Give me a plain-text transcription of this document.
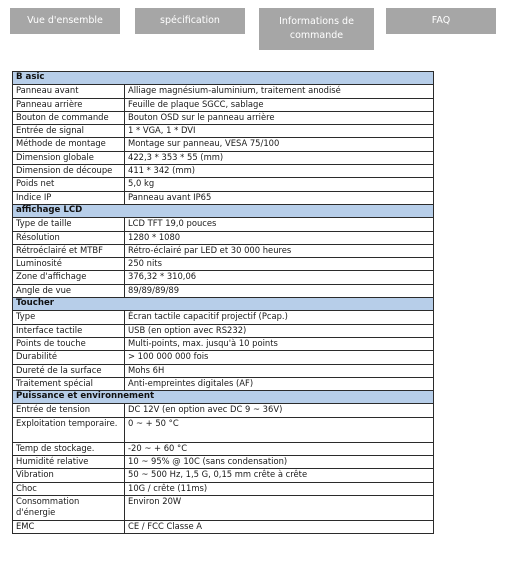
Vue d'ensemble	spécification	Informations de commande
FAQ
B asic	
Panneau avant	Alliage magnésium-aluminium, traitement anodisé
Panneau arrière	Feuille de plaque SGCC, sablage
Bouton de commande	Bouton OSD sur le panneau arrière
Entrée de signal	1 * VGA, 1 * DVI
Méthode de montage	Montage sur panneau, VESA 75/100
Dimension globale	422,3 * 353 * 55 (mm)
Dimension de découpe	411 * 342 (mm)
Poids net	5,0 kg
Indice IP	Panneau avant IP65
affichage LCD	
Type de taille	LCD TFT 19,0 pouces
Résolution	1280 * 1080
Rétroéclairé et MTBF	Rétro-éclairé par LED et 30 000 heures
Luminosité	250 nits
Zone d'affichage	376,32 * 310,06
Angle de vue	89/89/89/89
Toucher	
Type	Écran tactile capacitif projectif (Pcap.)
Interface tactile	USB (en option avec RS232)
Points de touche	Multi-points, max. jusqu'à 10 points
Durabilité	> 100 000 000 fois
Dureté de la surface	Mohs 6H
Traitement spécial	Anti-empreintes digitales (AF)
Puissance et environnement	
Entrée de tension	DC 12V (en option avec DC 9 ~ 36V)
Exploitation temporaire.	0 ~ + 50 °C
Temp de stockage.	-20 ~ + 60 °C
Humidité relative	10 ~ 95% @ 10C (sans condensation)
Vibration	50 ~ 500 Hz, 1,5 G, 0,15 mm crête à crête
Choc	10G / crête (11ms)
Consommation d'énergie	Environ 20W
EMC	CE / FCC Classe A
